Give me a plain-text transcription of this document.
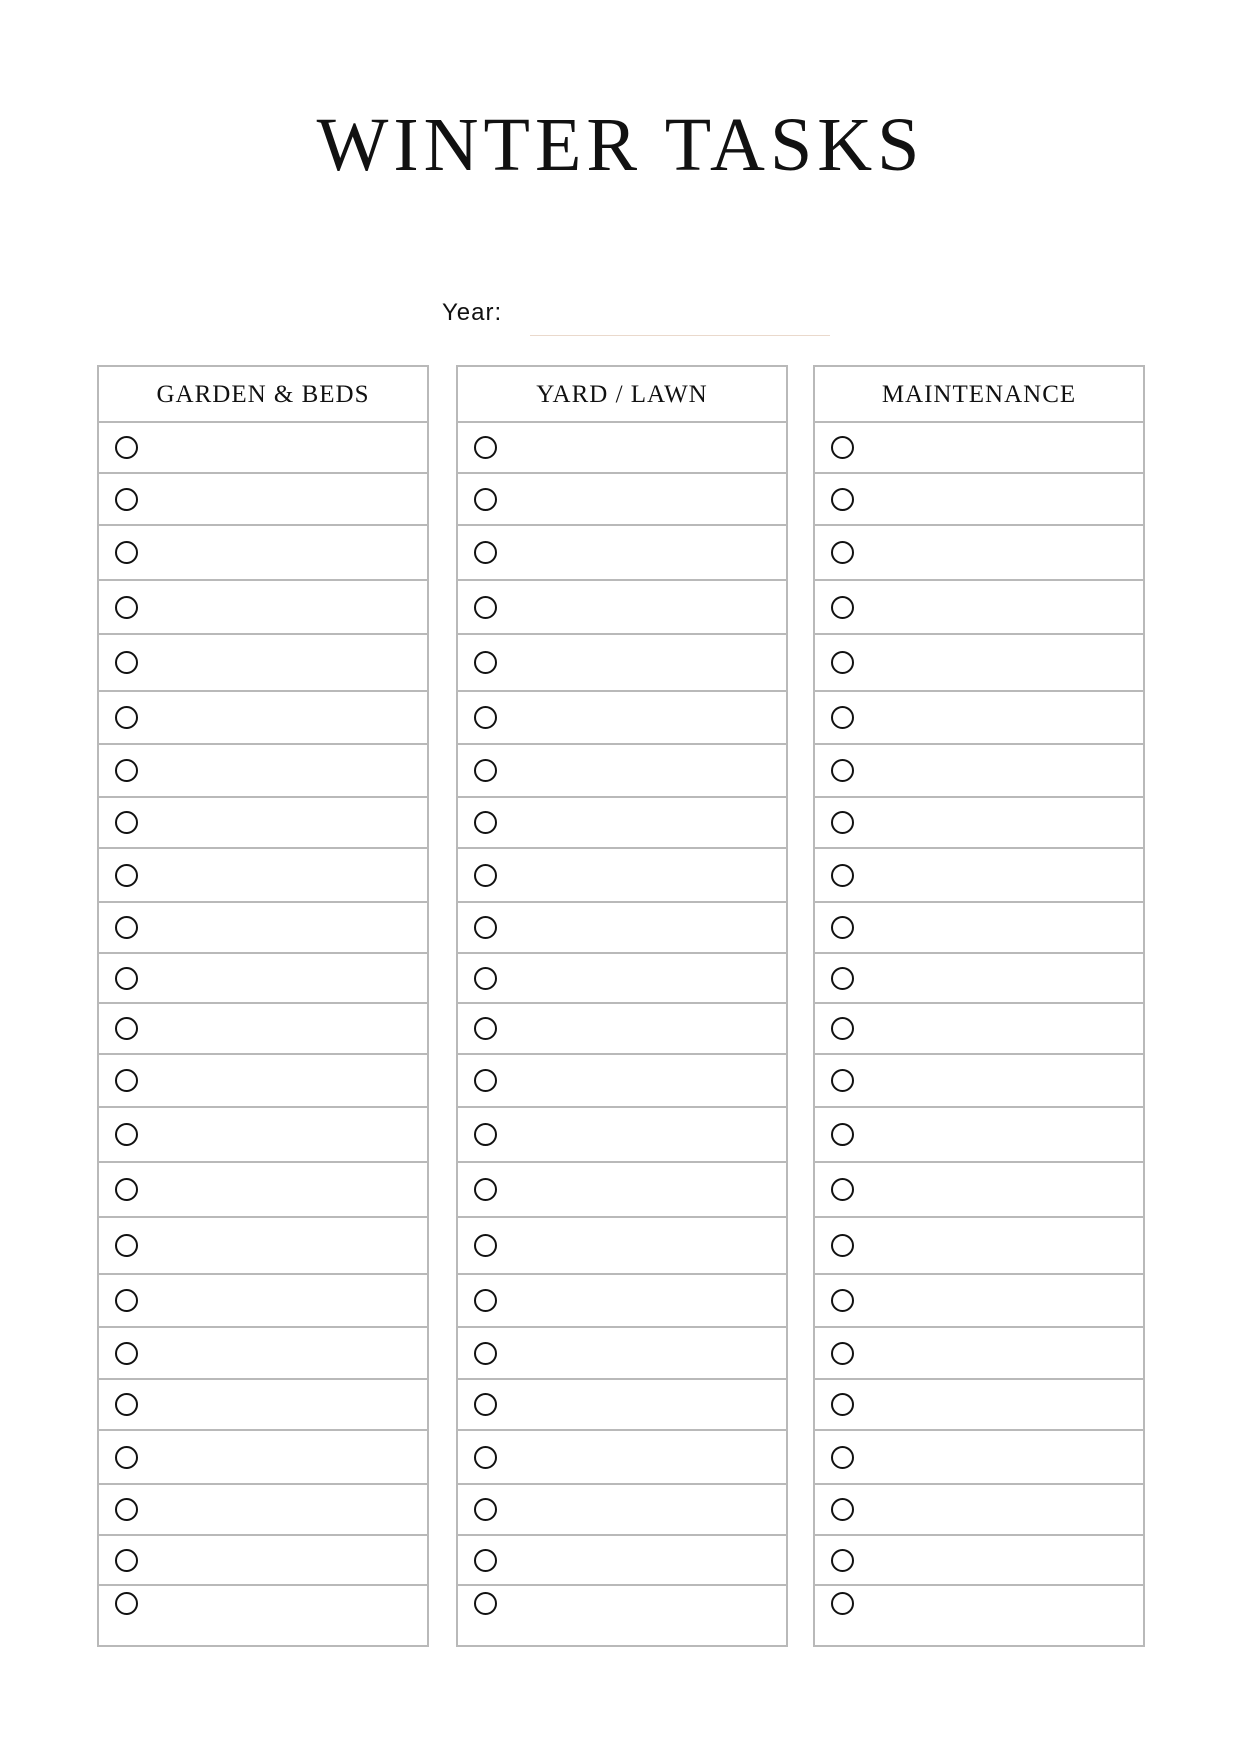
WINTER TASKS
Year:
GARDEN & BEDS	YARD / LAWN	MAINTENANCE
